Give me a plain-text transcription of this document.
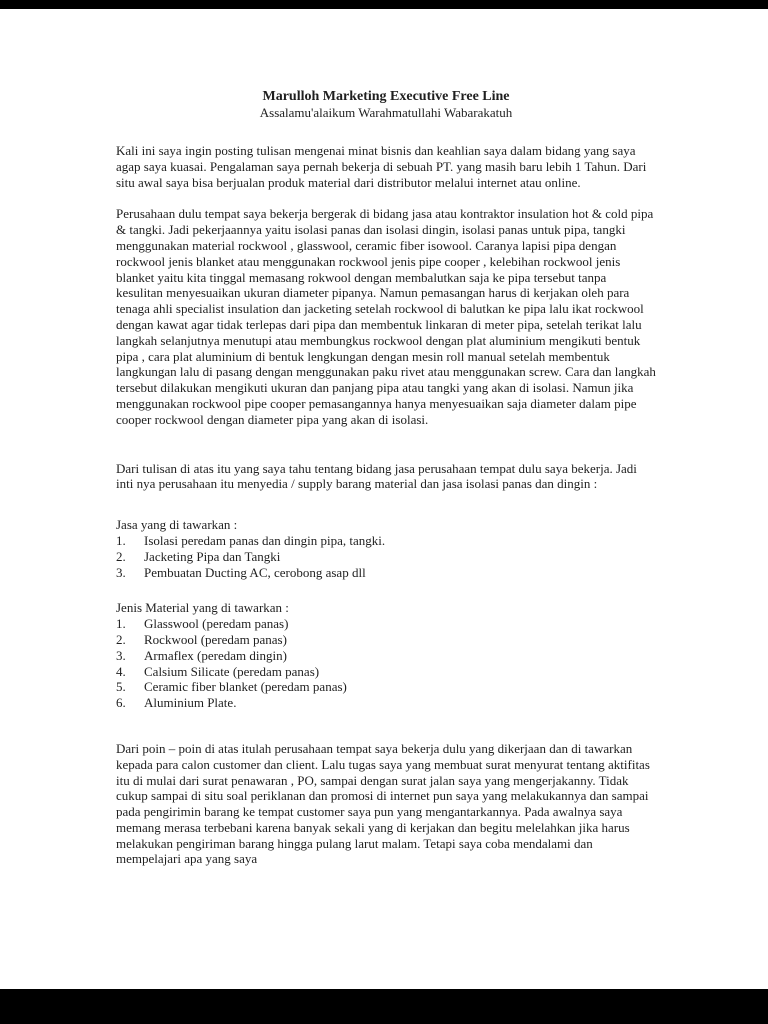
Marulloh Marketing Executive Free Line
Assalamu'alaikum Warahmatullahi Wabarakatuh

Kali ini saya ingin posting tulisan mengenai minat bisnis dan keahlian saya dalam bidang yang saya agap saya kuasai. Pengalaman saya pernah bekerja di sebuah PT. yang masih baru lebih 1 Tahun. Dari situ awal saya bisa berjualan produk material dari distributor melalui internet atau online.

Perusahaan dulu tempat saya bekerja bergerak di bidang jasa atau kontraktor insulation hot & cold pipa & tangki. Jadi pekerjaannya yaitu isolasi panas dan isolasi dingin, isolasi panas untuk pipa, tangki menggunakan material rockwool , glasswool, ceramic fiber isowool. Caranya lapisi pipa dengan rockwool jenis blanket atau menggunakan rockwool jenis pipe cooper , kelebihan rockwool jenis blanket yaitu kita tinggal memasang rokwool dengan membalutkan saja ke pipa tersebut tanpa kesulitan menyesuaikan ukuran diameter pipanya. Namun pemasangan harus di kerjakan oleh para tenaga ahli specialist insulation dan jacketing setelah rockwool di balutkan ke pipa lalu ikat rockwool dengan kawat agar tidak terlepas dari pipa dan membentuk linkaran di meter pipa, setelah terikat lalu langkah selanjutnya menutupi atau membungkus rockwool dengan plat aluminium mengikuti bentuk pipa , cara plat aluminium di bentuk lengkungan dengan mesin roll manual setelah membentuk langkungan lalu di pasang dengan menggunakan paku rivet atau menggunakan screw. Cara dan langkah tersebut dilakukan mengikuti ukuran dan panjang pipa atau tangki yang akan di isolasi. Namun jika menggunakan rockwool pipe cooper pemasangannya hanya menyesuaikan saja diameter dalam pipe cooper rockwool dengan diameter pipa yang akan di isolasi.

Dari tulisan di atas itu yang saya tahu tentang bidang jasa perusahaan tempat dulu saya bekerja. Jadi inti nya perusahaan itu menyedia / supply barang material dan jasa isolasi panas dan dingin :

Jasa yang di tawarkan :
1.	Isolasi peredam panas dan dingin pipa, tangki.
2.	Jacketing Pipa dan Tangki
3.	Pembuatan Ducting AC, cerobong asap dll
Jenis Material yang di tawarkan :
1.	Glasswool (peredam panas)
2.	Rockwool (peredam panas)
3.	Armaflex (peredam dingin)
4.	Calsium Silicate (peredam panas)
5.	Ceramic fiber blanket (peredam panas)
6.	Aluminium Plate.

Dari poin – poin di atas itulah perusahaan tempat saya bekerja dulu yang dikerjaan dan di tawarkan kepada para calon customer dan client. Lalu tugas saya yang membuat surat menyurat tentang aktifitas itu di mulai dari surat penawaran , PO, sampai dengan surat jalan saya yang mengerjakanny. Tidak cukup sampai di situ soal periklanan dan promosi di internet pun saya yang melakukannya dan sampai pada pengirimin barang ke tempat customer saya pun yang mengantarkannya. Pada awalnya saya memang merasa terbebani karena banyak sekali yang di kerjakan dan begitu melelahkan jika harus melakukan pengiriman barang hingga pulang larut malam. Tetapi saya coba mendalami dan mempelajari apa yang saya
